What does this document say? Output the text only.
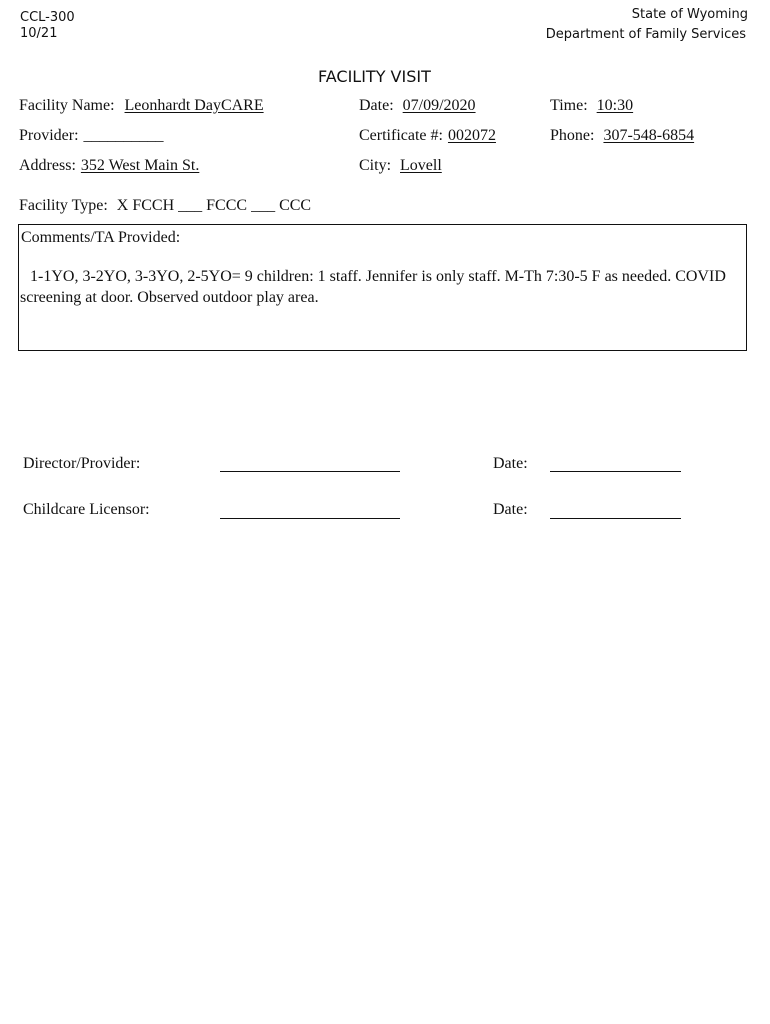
CCL-300
10/21
State of Wyoming
Department of Family Services
FACILITY VISIT
Facility Name: Leonhardt DayCARE	Date: 07/09/2020	Time: 10:30
Provider: __________	Certificate #: 002072	Phone: 307-548-6854
Address: 352 West Main St.	City: Lovell
Facility Type: X FCCH ___ FCCC ___ CCC
Comments/TA Provided:
1-1YO, 3-2YO, 3-3YO, 2-5YO= 9 children: 1 staff. Jennifer is only staff. M-Th 7:30-5 F as needed. COVID screening at door. Observed outdoor play area.
Director/Provider:	Date:
Childcare Licensor:	Date:
